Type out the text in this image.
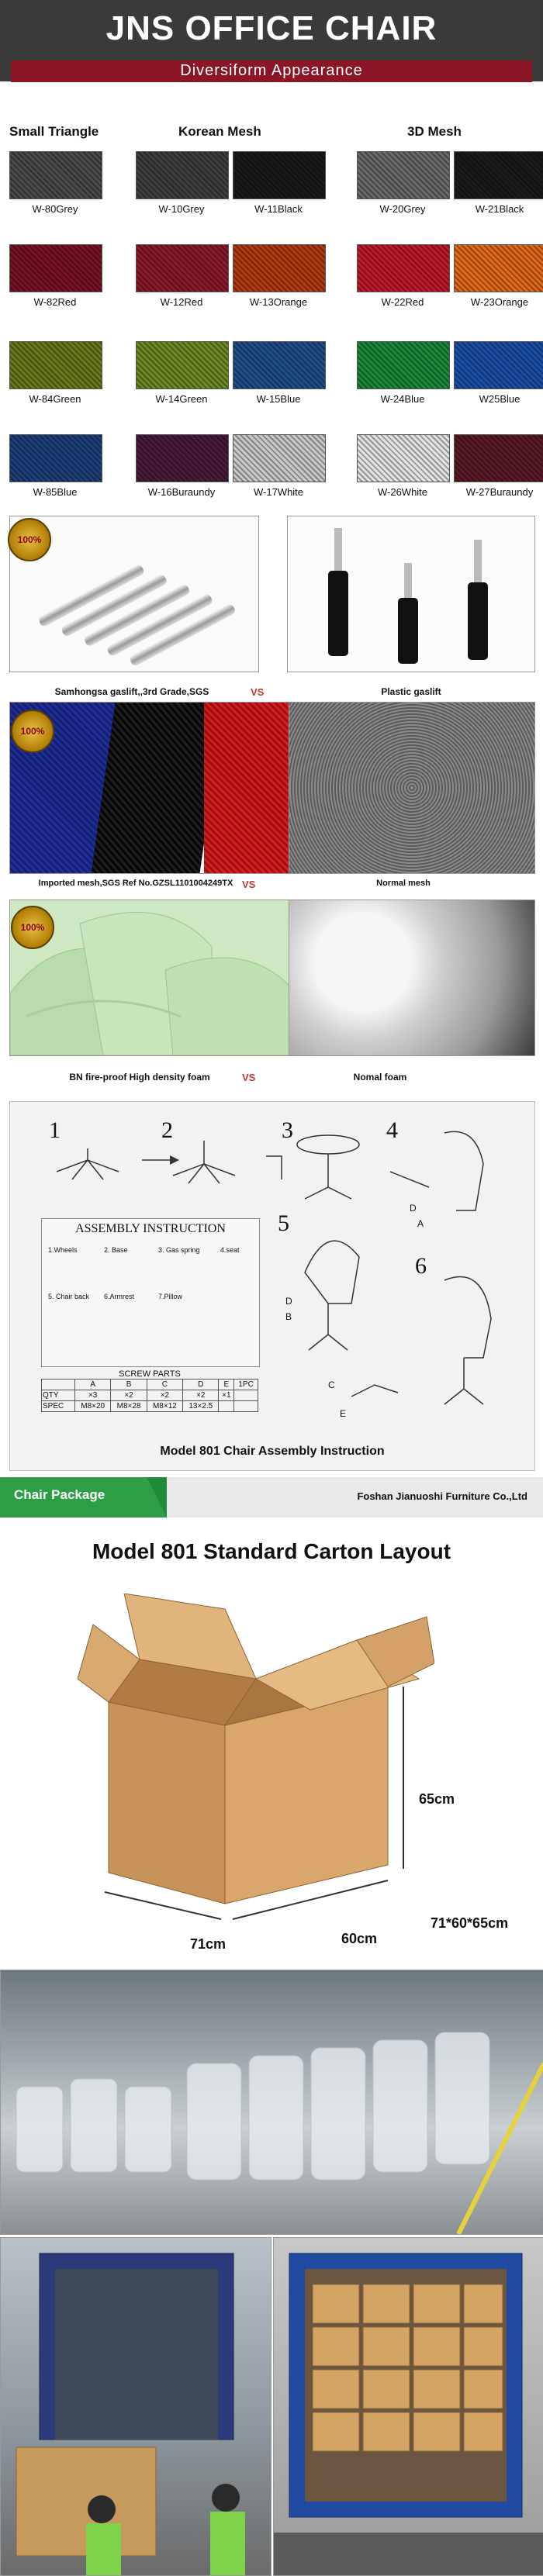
JNS OFFICE CHAIR
Diversiform Appearance
Small Triangle	Korean Mesh	3D Mesh
W-80Grey	W-10Grey	W-11Black	W-20Grey	W-21Black
W-82Red	W-12Red	W-13Orange	W-22Red	W-23Orange
W-84Green	W-14Green	W-15Blue	W-24Blue	W25Blue
W-85Blue	W-16Buraundy	W-17White	W-26White	W-27Buraundy
100%
Samhongsa gaslift,,3rd Grade,SGS	VS	Plastic gaslift
100%
Imported mesh,SGS Ref No.GZSL1101004249TX VS	Normal mesh
100%
BN fire-proof High density foam	VS	Nomal foam
1	2	3	4
5
6
ASSEMBLY INSTRUCTION
1.Wheels	2. Base	3. Gas spring	4.seat
5. Chair back 6.Armrest	7.Pillow
SCREW PARTS
	A	B	C	D	E	1PC
QTY	×3	×2	×2	×2	×1	
SPEC	M8×20	M8×28	M8×12	13×2.5		
D
A
D
B
C
E
Model 801 Chair Assembly Instruction
Chair Package	Foshan Jianuoshi Furniture Co.,Ltd
Model 801 Standard Carton Layout
65cm
71cm	60cm
71*60*65cm
